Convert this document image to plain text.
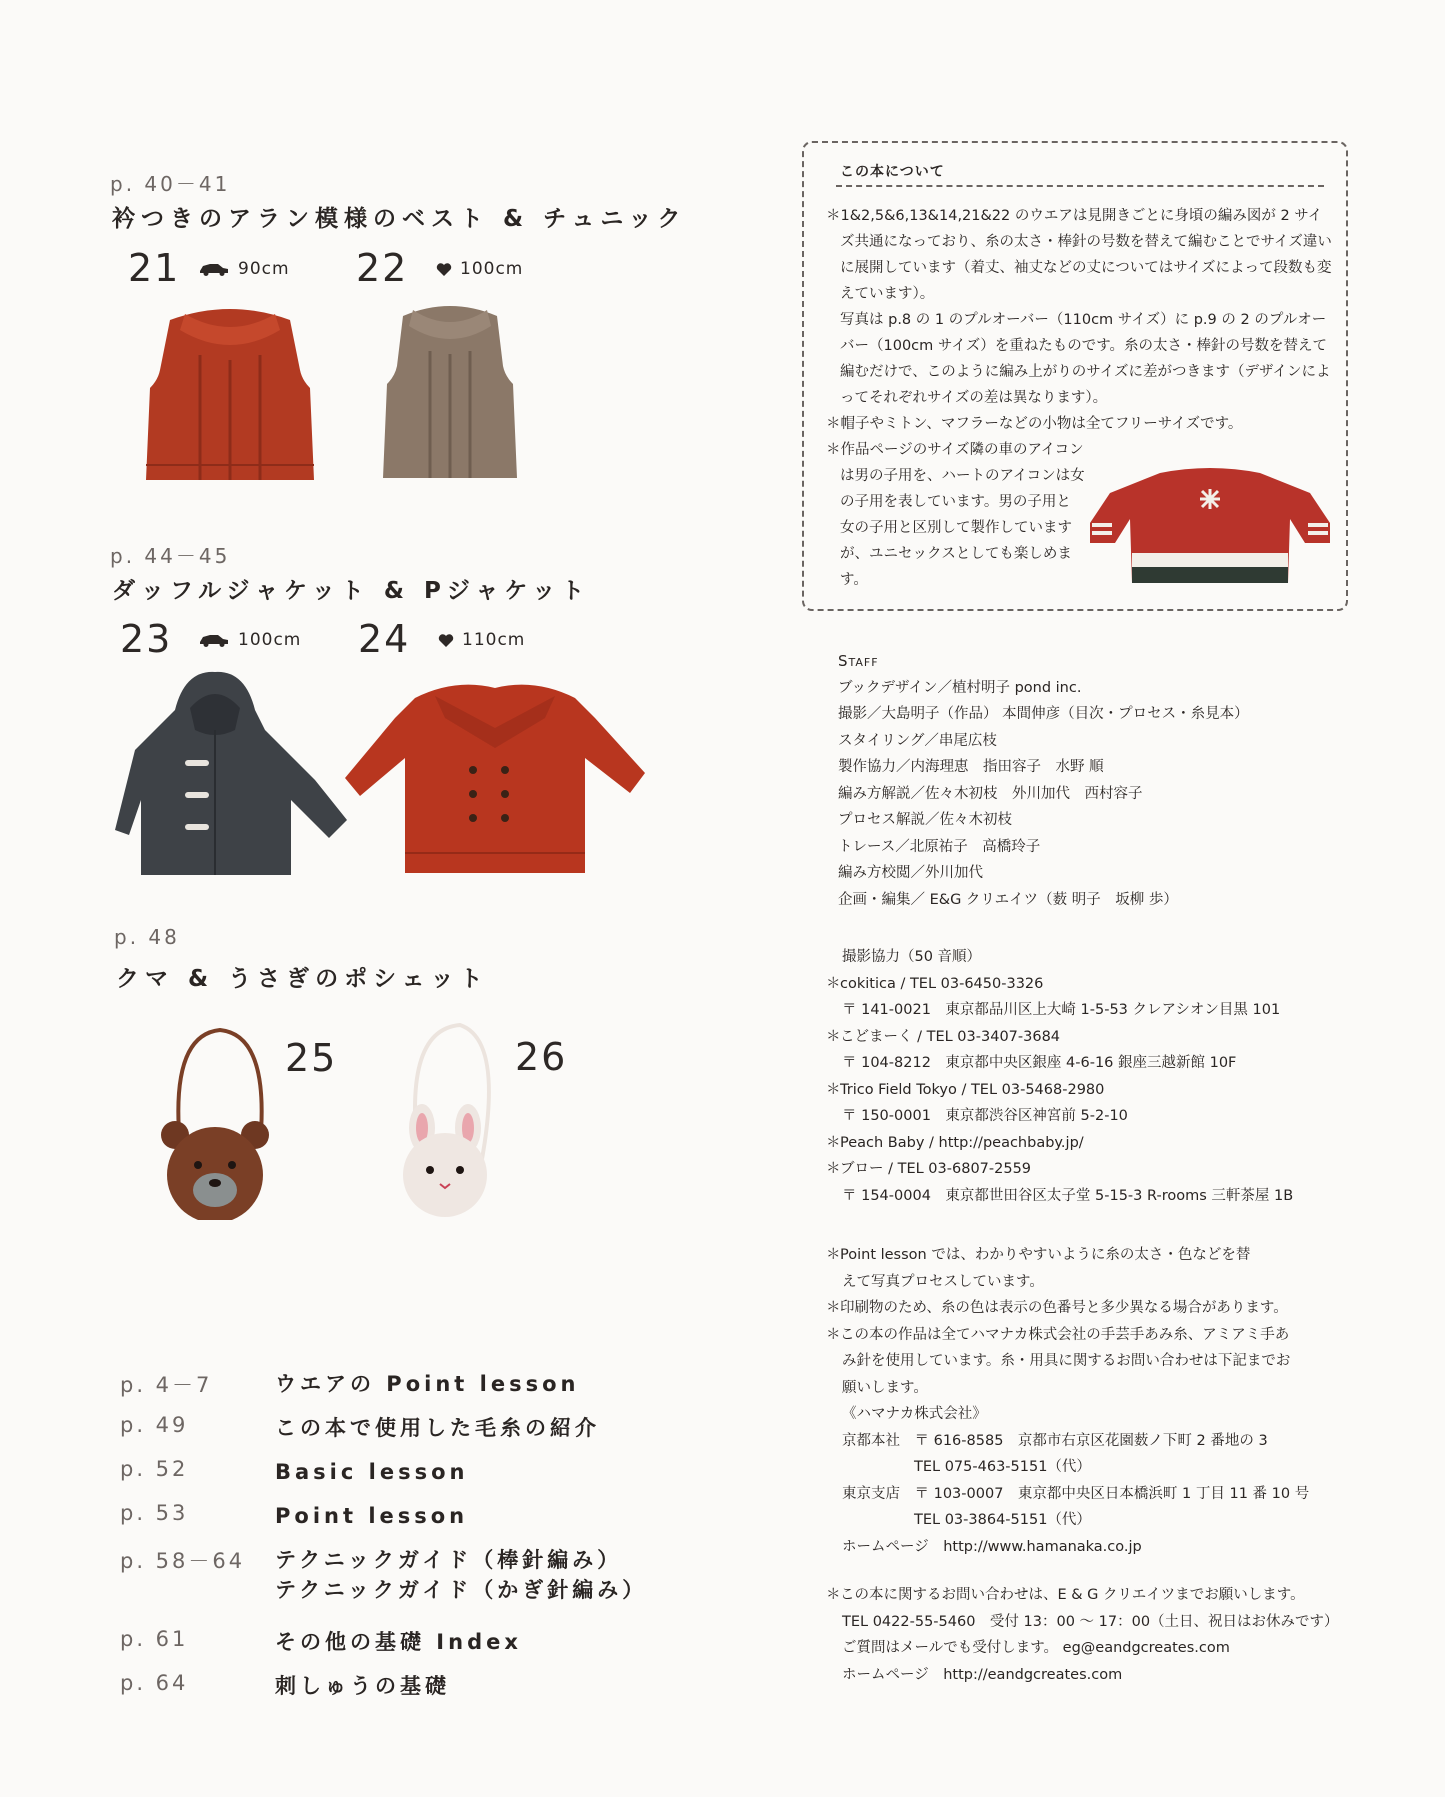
p. 40－41
衿つきのアラン模様のベスト & チュニック
21	90cm 22	100cm
p. 44－45
ダッフルジャケット & Pジャケット
23	100cm 24	110cm
p. 48
クマ & うさぎのポシェット
25	26
p. 4－7	ウエアの Point lesson
p. 49	この本で使用した毛糸の紹介
p. 52	Basic lesson
p. 53	Point lesson
p. 58－64	テクニックガイド（棒針編み）
テクニックガイド（かぎ針編み）
p. 61	その他の基礎 Index
p. 64	刺しゅうの基礎
この本について
＊1&2,5&6,13&14,21&22 のウエアは見開きごとに身頃の編み図が 2 サイズ共通になっており、糸の太さ・棒針の号数を替えて編むことでサイズ違いに展開しています（着丈、袖丈などの丈についてはサイズによって段数も変えています）。
写真は p.8 の 1 のプルオーバー（110cm サイズ）に p.9 の 2 のプルオーバー（100cm サイズ）を重ねたものです。糸の太さ・棒針の号数を替えて編むだけで、このように編み上がりのサイズに差がつきます（デザインによってそれぞれサイズの差は異なります）。
＊帽子やミトン、マフラーなどの小物は全てフリーサイズです。
＊作品ページのサイズ隣の車のアイコンは男の子用を、ハートのアイコンは女の子用を表しています。男の子用と女の子用と区別して製作していますが、ユニセックスとしても楽しめます。
Staff
ブックデザイン／植村明子 pond inc.
撮影／大島明子（作品） 本間伸彦（目次・プロセス・糸見本）
スタイリング／串尾広枝
製作協力／内海理恵　指田容子　水野 順
編み方解説／佐々木初枝　外川加代　西村容子
プロセス解説／佐々木初枝
トレース／北原祐子　高橋玲子
編み方校閲／外川加代
企画・編集／ E&G クリエイツ（薮 明子　坂柳 歩）
撮影協力（50 音順）
＊cokitica / TEL 03-6450-3326
〒 141-0021　東京都品川区上大崎 1-5-53 クレアシオン目黒 101
＊こどまーく / TEL 03-3407-3684
〒 104-8212　東京都中央区銀座 4-6-16 銀座三越新館 10F
＊Trico Field Tokyo / TEL 03-5468-2980
〒 150-0001　東京都渋谷区神宮前 5-2-10
＊Peach Baby / http://peachbaby.jp/
＊ブロー / TEL 03-6807-2559
〒 154-0004　東京都世田谷区太子堂 5-15-3 R-rooms 三軒茶屋 1B
＊Point lesson では、わかりやすいように糸の太さ・色などを替
えて写真プロセスしています。
＊印刷物のため、糸の色は表示の色番号と多少異なる場合があります。
＊この本の作品は全てハマナカ株式会社の手芸手あみ糸、アミアミ手あ
み針を使用しています。糸・用具に関するお問い合わせは下記までお
願いします。
《ハマナカ株式会社》
京都本社　 〒 616-8585　京都市右京区花園薮ノ下町 2 番地の 3
TEL 075-463-5151（代）
東京支店　 〒 103-0007　東京都中央区日本橋浜町 1 丁目 11 番 10 号
TEL 03-3864-5151（代）
ホームページ　 http://www.hamanaka.co.jp
＊この本に関するお問い合わせは、E & G クリエイツまでお願いします。
TEL 0422-55-5460　受付 13：00 ～ 17：00（土日、祝日はお休みです）
ご質問はメールでも受付します。 eg@eandgcreates.com
ホームページ　 http://eandgcreates.com
